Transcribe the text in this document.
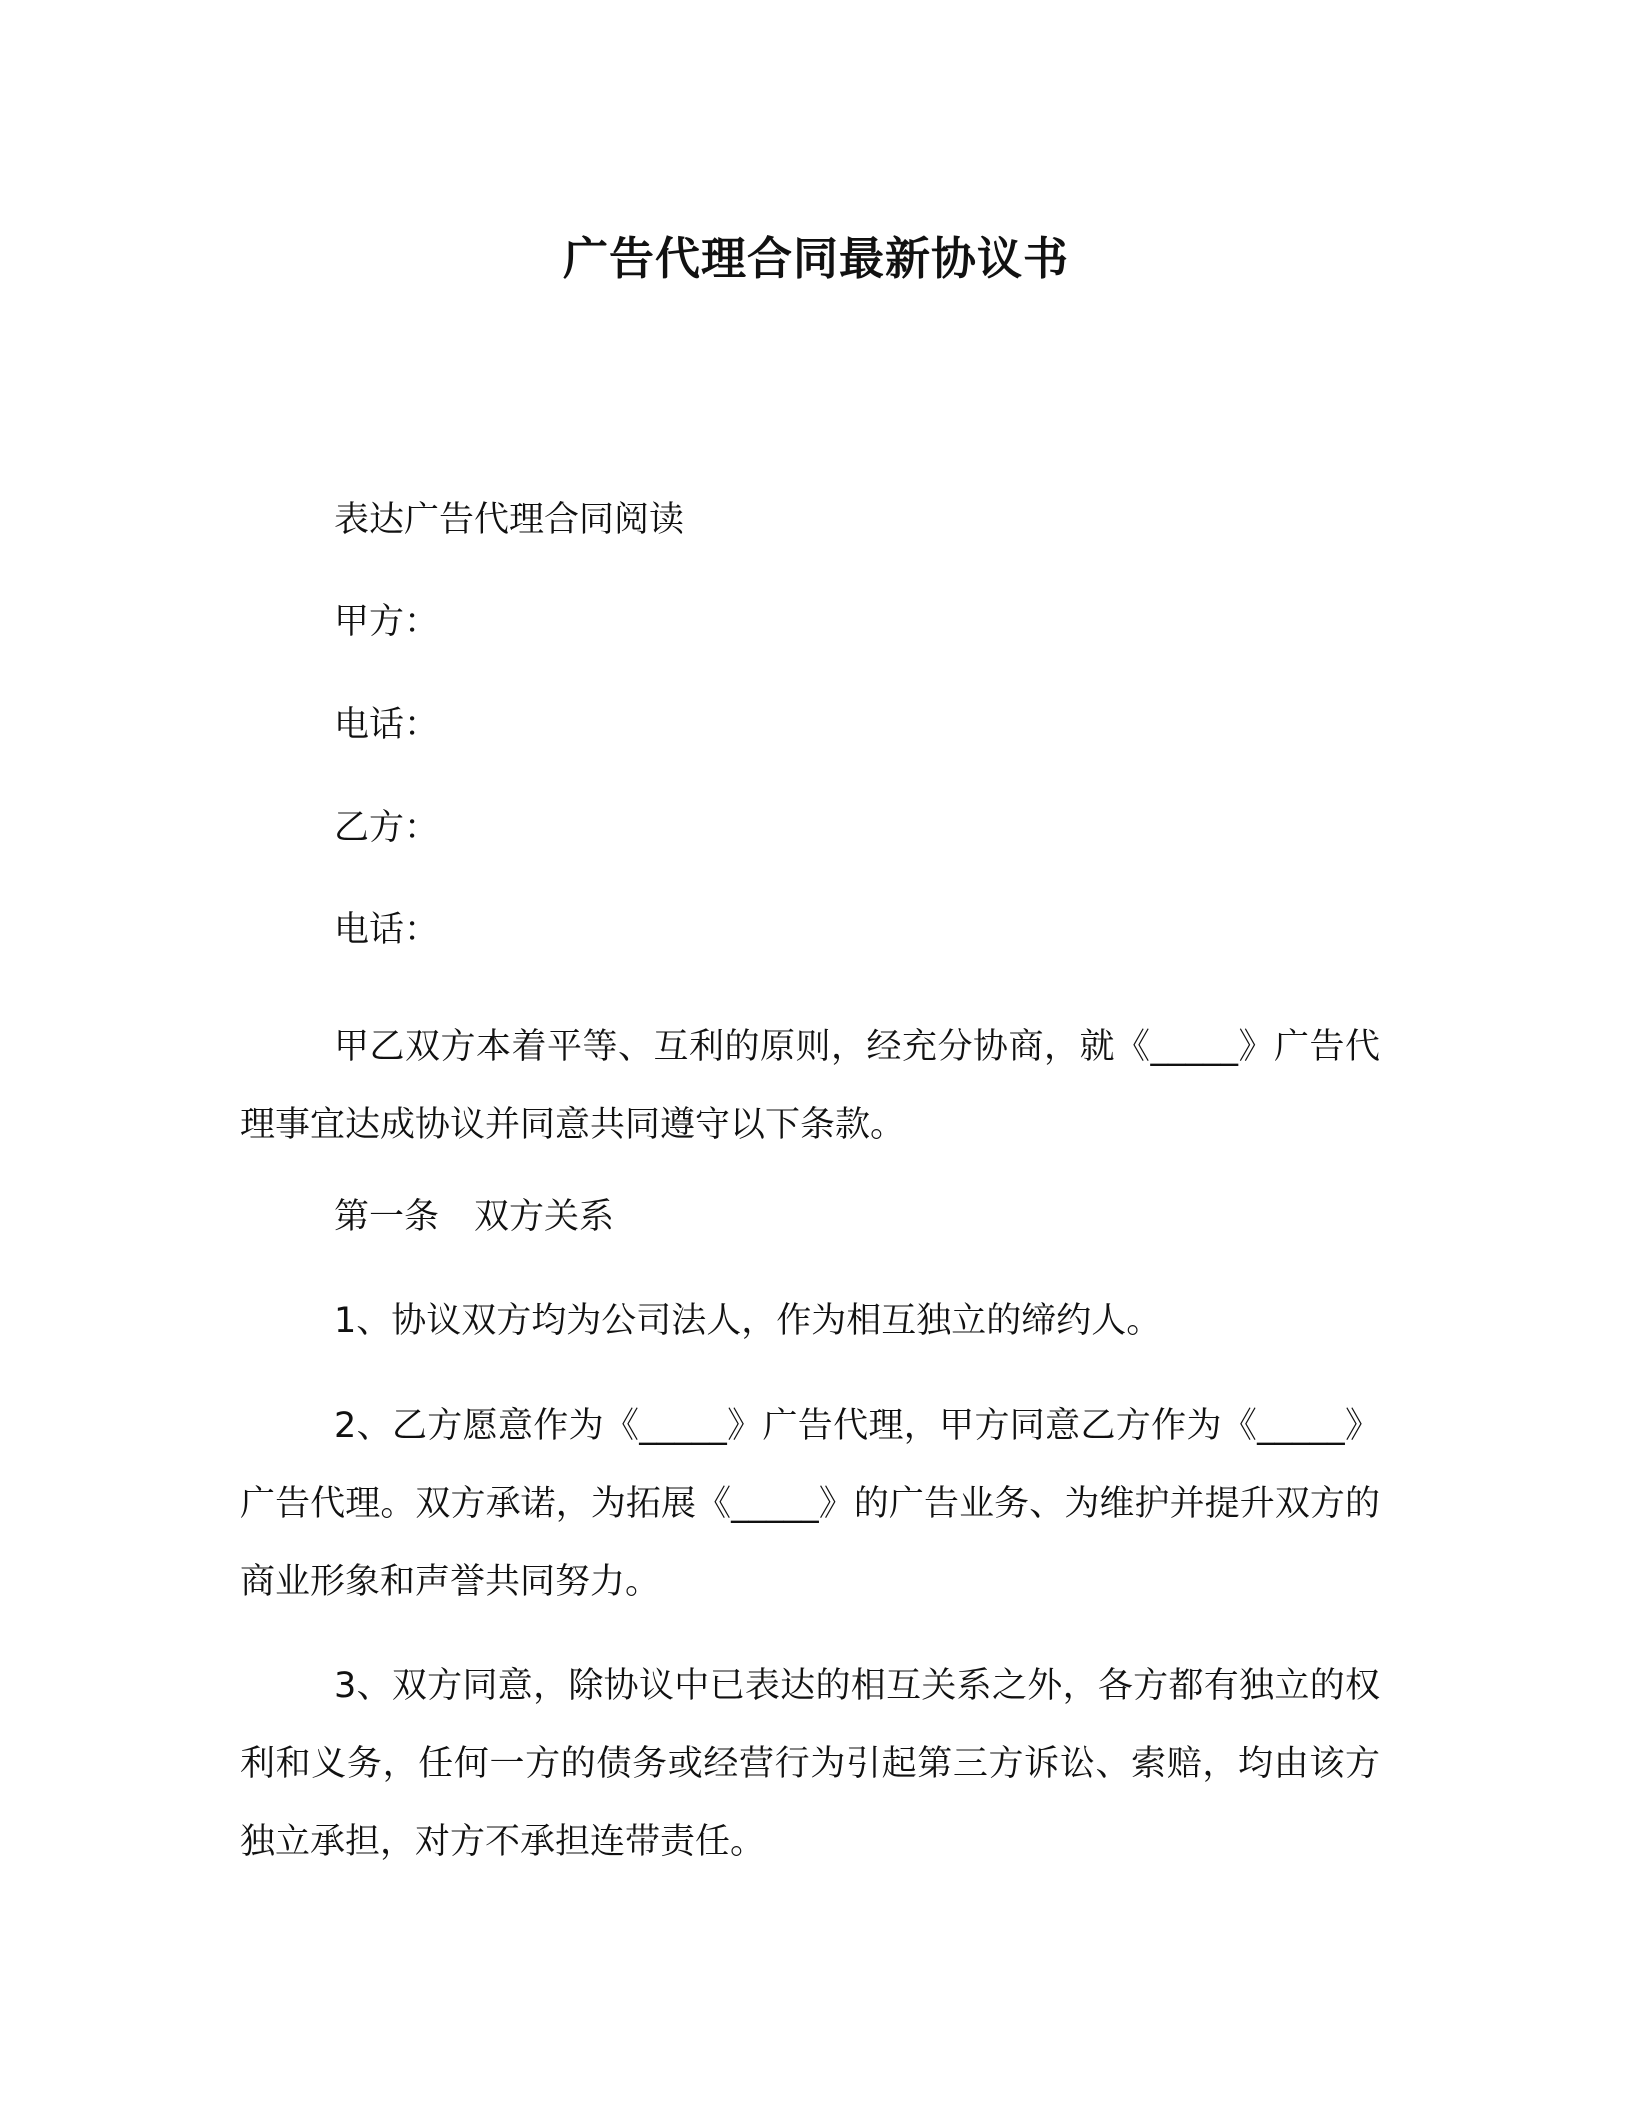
广告代理合同最新协议书

表达广告代理合同阅读

甲方：

电话：

乙方：

电话：

甲乙双方本着平等、互利的原则，经充分协商，就《_____》广告代理事宜达成协议并同意共同遵守以下条款。

第一条　双方关系

1、协议双方均为公司法人，作为相互独立的缔约人。

2、乙方愿意作为《_____》广告代理，甲方同意乙方作为《_____》广告代理。双方承诺，为拓展《_____》的广告业务、为维护并提升双方的商业形象和声誉共同努力。

3、双方同意，除协议中已表达的相互关系之外，各方都有独立的权利和义务，任何一方的债务或经营行为引起第三方诉讼、索赔，均由该方独立承担，对方不承担连带责任。
